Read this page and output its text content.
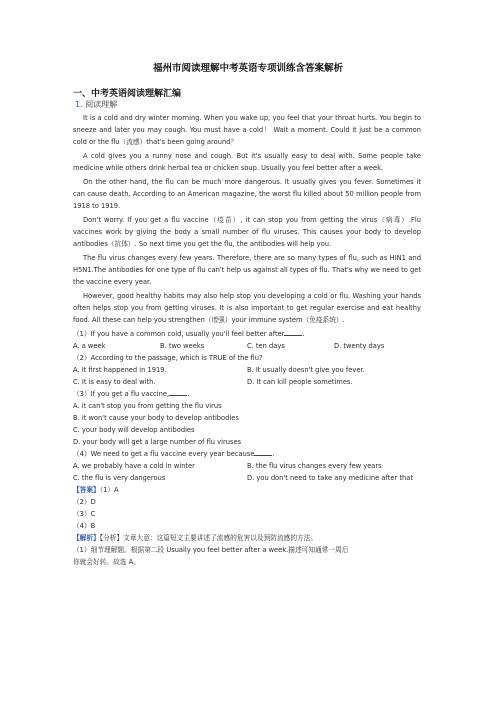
福州市阅读理解中考英语专项训练含答案解析
一、中考英语阅读理解汇编
1. 阅读理解

It is a cold and dry winter morning. When you wake up, you feel that your throat hurts. You begin to sneeze and later you may cough. You must have a cold！ Wait a moment. Could it just be a common cold or the flu（流感）that's been going around？

A cold gives you a runny nose and cough. But it's usually easy to deal with. Some people take medicine while others drink herbal tea or chicken soup. Usually you feel better after a week.

On the other hand, the flu can be much more dangerous. It usually gives you fever. Sometimes it can cause death. According to an American magazine, the worst flu killed about 50 million people from 1918 to 1919.

Don't worry. If you get a flu vaccine（疫苗）, it can stop you from getting the virus（病毒）.Flu vaccines work by giving the body a small number of flu viruses. This causes your body to develop antibodies（抗体）. So next time you get the flu, the antibodies will help you.

The flu virus changes every few years. Therefore, there are so many types of flu, such as HIN1 and H5N1.The antibodies for one type of flu can't help us against all types of flu. That's why we need to get the vaccine every year.

However, good healthy habits may also help stop you developing a cold or flu. Washing your hands often helps stop you from getting viruses. It is also important to get regular exercise and eat healthy food. All these can help you strengthen（增强）your immune system（免疫系统）.

（1）If you have a common cold, usually you'll feel better after	.

A. a week	B. two weeks	C. ten days	D. twenty days

（2）According to the passage, which is TRUE of the flu?

A. It first happened in 1919.	B. It usually doesn't give you fever.
C. It is easy to deal with.	D. It can kill people sometimes.

（3）If you get a flu vaccine,	.

A. it can't stop you from getting the flu virus

B. it won't cause your body to develop antibodies

C. your body will develop antibodies

D. your body will get a large number of flu viruses

（4）We need to get a flu vaccine every year because	.

A. we probably have a cold in winter	B. the flu virus changes every few years
C. the flu is very dangerous	D. you don't need to take any medicine after that

【答案】（1）A

（2）D

（3）C

（4）B

【解析】【分析】文章大意：这篇短文主要讲述了流感的危害以及预防流感的方法。

（1）细节理解题。根据第二段 Usually you feel better after a week.描述可知通常一周后

你就会好转。故选 A。
